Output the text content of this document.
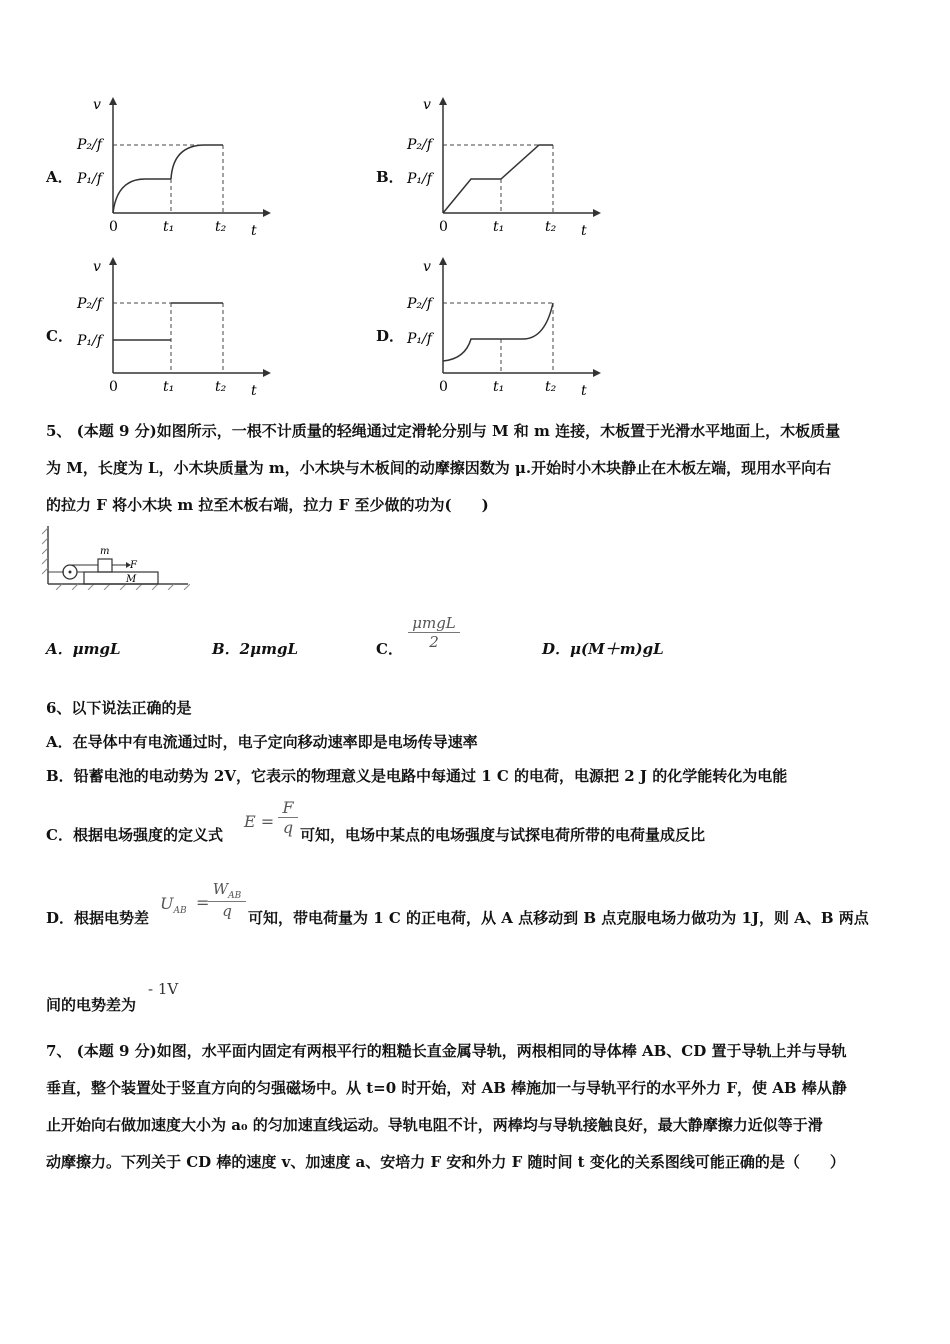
A．
v
P₂/f
P₁/f
0	t₁	t₂ t
B．
v
P₂/f
P₁/f
0	t₁	t₂ t
C．
v
P₂/f
P₁/f
0	t₁	t₂ t
D．
v
P₂/f
P₁/f
0	t₁	t₂ t
5、 (本题 9 分)如图所示，一根不计质量的轻绳通过定滑轮分别与 M 和 m 连接，木板置于光滑水平地面上，木板质量
为 M，长度为 L，小木块质量为 m，小木块与木板间的动摩擦因数为 μ.开始时小木块静止在木板左端，现用水平向右
的拉力 F 将小木块 m 拉至木板右端，拉力 F 至少做的功为(　　)
m
F
M
A．μmgL	B．2μmgL	C．
μmgL
2	D．μ(M＋m)gL
6、以下说法正确的是
A．在导体中有电流通过时，电子定向移动速率即是电场传导速率
B．铅蓄电池的电动势为 2V，它表示的物理意义是电路中每通过 1 C 的电荷，电源把 2 J 的化学能转化为电能
C．根据电场强度的定义式
$E = \frac{F}{q}$ 可知，电场中某点的电场强度与试探电荷所带的电荷量成反比
D．根据电势差
$U_{AB}$ =
$W_{AB}$
q	可知，带电荷量为 1 C 的正电荷，从 A 点移动到 B 点克服电场力做功为 1J，则 A、B 两点
间的电势差为
- 1V
7、 (本题 9 分)如图，水平面内固定有两根平行的粗糙长直金属导轨，两根相同的导体棒 AB、CD 置于导轨上并与导轨
垂直，整个装置处于竖直方向的匀强磁场中。从 t=0 时开始，对 AB 棒施加一与导轨平行的水平外力 F，使 AB 棒从静
止开始向右做加速度大小为 a₀ 的匀加速直线运动。导轨电阻不计，两棒均与导轨接触良好，最大静摩擦力近似等于滑
动摩擦力。下列关于 CD 棒的速度 v、加速度 a、安培力 F 安和外力 F 随时间 t 变化的关系图线可能正确的是（　　）
